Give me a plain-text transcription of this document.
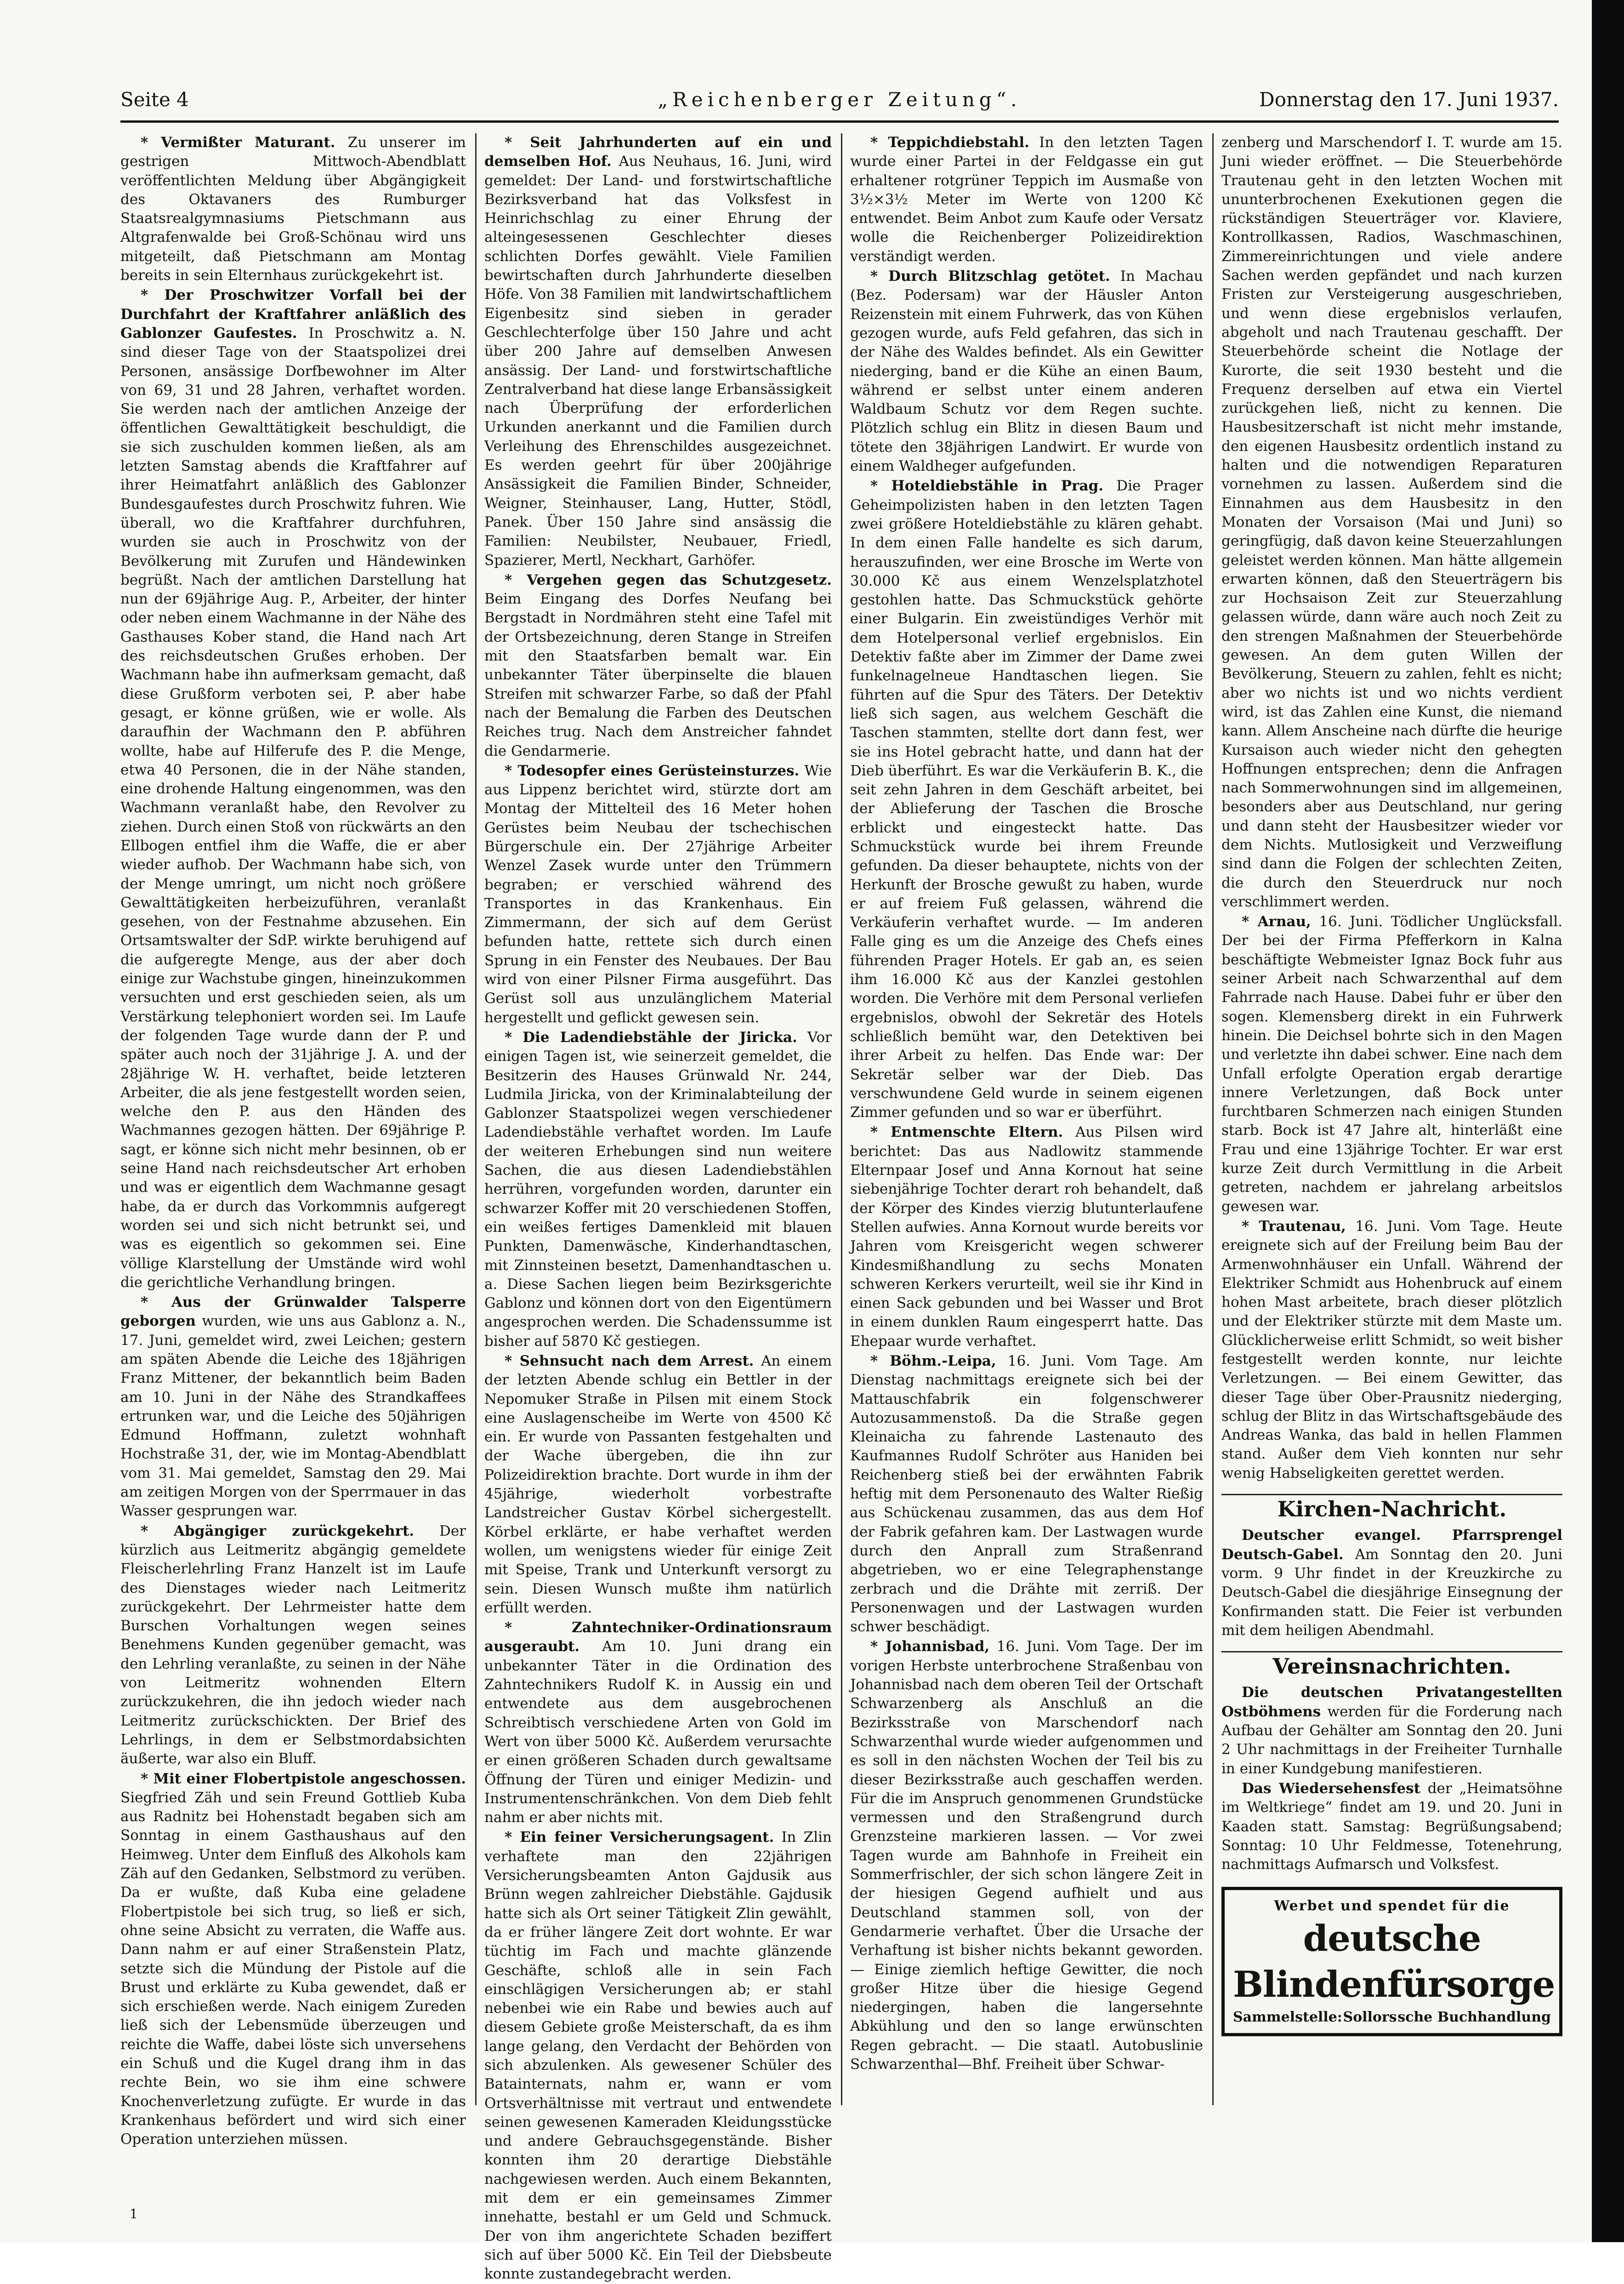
Seite 4	„Reichenberger Zeitung“.	Donnerstag den 17. Juni 1937.

* Vermißter Maturant. Zu unserer im gestrigen Mittwoch-Abendblatt veröffentlichten Meldung über Abgängigkeit des Oktavaners des Rumburger Staatsrealgymnasiums Pietschmann aus Altgrafenwalde bei Groß-Schönau wird uns mitgeteilt, daß Pietschmann am Montag bereits in sein Elternhaus zurückgekehrt ist.

* Der Proschwitzer Vorfall bei der Durchfahrt der Kraftfahrer anläßlich des Gablonzer Gaufestes. In Proschwitz a. N. sind dieser Tage von der Staatspolizei drei Personen, ansässige Dorfbewohner im Alter von 69, 31 und 28 Jahren, verhaftet worden. Sie werden nach der amtlichen Anzeige der öffentlichen Gewalttätigkeit beschuldigt, die sie sich zuschulden kommen ließen, als am letzten Samstag abends die Kraftfahrer auf ihrer Heimatfahrt anläßlich des Gablonzer Bundesgaufestes durch Proschwitz fuhren. Wie überall, wo die Kraftfahrer durchfuhren, wurden sie auch in Proschwitz von der Bevölkerung mit Zurufen und Händewinken begrüßt. Nach der amtlichen Darstellung hat nun der 69jährige Aug. P., Arbeiter, der hinter oder neben einem Wachmanne in der Nähe des Gasthauses Kober stand, die Hand nach Art des reichsdeutschen Grußes erhoben. Der Wachmann habe ihn aufmerksam gemacht, daß diese Grußform verboten sei, P. aber habe gesagt, er könne grüßen, wie er wolle. Als daraufhin der Wachmann den P. abführen wollte, habe auf Hilferufe des P. die Menge, etwa 40 Personen, die in der Nähe standen, eine drohende Haltung eingenommen, was den Wachmann veranlaßt habe, den Revolver zu ziehen. Durch einen Stoß von rückwärts an den Ellbogen entfiel ihm die Waffe, die er aber wieder aufhob. Der Wachmann habe sich, von der Menge umringt, um nicht noch größere Gewalttätigkeiten herbeizuführen, veranlaßt gesehen, von der Festnahme abzusehen. Ein Ortsamtswalter der SdP. wirkte beruhigend auf die aufgeregte Menge, aus der aber doch einige zur Wachstube gingen, hineinzukommen versuchten und erst geschieden seien, als um Verstärkung telephoniert worden sei. Im Laufe der folgenden Tage wurde dann der P. und später auch noch der 31jährige J. A. und der 28jährige W. H. verhaftet, beide letzteren Arbeiter, die als jene festgestellt worden seien, welche den P. aus den Händen des Wachmannes gezogen hätten. Der 69jährige P. sagt, er könne sich nicht mehr besinnen, ob er seine Hand nach reichsdeutscher Art erhoben und was er eigentlich dem Wachmanne gesagt habe, da er durch das Vorkommnis aufgeregt worden sei und sich nicht betrunkt sei, und was es eigentlich so gekommen sei. Eine völlige Klarstellung der Umstände wird wohl die gerichtliche Verhandlung bringen.

* Aus der Grünwalder Talsperre geborgen wurden, wie uns aus Gablonz a. N., 17. Juni, gemeldet wird, zwei Leichen; gestern am späten Abende die Leiche des 18jährigen Franz Mittener, der bekanntlich beim Baden am 10. Juni in der Nähe des Strandkaffees ertrunken war, und die Leiche des 50jährigen Edmund Hoffmann, zuletzt wohnhaft Hochstraße 31, der, wie im Montag-Abendblatt vom 31. Mai gemeldet, Samstag den 29. Mai am zeitigen Morgen von der Sperrmauer in das Wasser gesprungen war.

* Abgängiger zurückgekehrt. Der kürzlich aus Leitmeritz abgängig gemeldete Fleischerlehrling Franz Hanzelt ist im Laufe des Dienstages wieder nach Leitmeritz zurückgekehrt. Der Lehrmeister hatte dem Burschen Vorhaltungen wegen seines Benehmens Kunden gegenüber gemacht, was den Lehrling veranlaßte, zu seinen in der Nähe von Leitmeritz wohnenden Eltern zurückzukehren, die ihn jedoch wieder nach Leitmeritz zurückschickten. Der Brief des Lehrlings, in dem er Selbstmordabsichten äußerte, war also ein Bluff.

* Mit einer Flobertpistole angeschossen. Siegfried Zäh und sein Freund Gottlieb Kuba aus Radnitz bei Hohenstadt begaben sich am Sonntag in einem Gasthaushaus auf den Heimweg. Unter dem Einfluß des Alkohols kam Zäh auf den Gedanken, Selbstmord zu verüben. Da er wußte, daß Kuba eine geladene Flobertpistole bei sich trug, so ließ er sich, ohne seine Absicht zu verraten, die Waffe aus. Dann nahm er auf einer Straßenstein Platz, setzte sich die Mündung der Pistole auf die Brust und erklärte zu Kuba gewendet, daß er sich erschießen werde. Nach einigem Zureden ließ sich der Lebensmüde überzeugen und reichte die Waffe, dabei löste sich unversehens ein Schuß und die Kugel drang ihm in das rechte Bein, wo sie ihm eine schwere Knochenverletzung zufügte. Er wurde in das Krankenhaus befördert und wird sich einer Operation unterziehen müssen.

* Seit Jahrhunderten auf ein und demselben Hof. Aus Neuhaus, 16. Juni, wird gemeldet: Der Land- und forstwirtschaftliche Bezirksverband hat das Volksfest in Heinrichschlag zu einer Ehrung der alteingesessenen Geschlechter dieses schlichten Dorfes gewählt. Viele Familien bewirtschaften durch Jahrhunderte dieselben Höfe. Von 38 Familien mit landwirtschaftlichem Eigenbesitz sind sieben in gerader Geschlechterfolge über 150 Jahre und acht über 200 Jahre auf demselben Anwesen ansässig. Der Land- und forstwirtschaftliche Zentralverband hat diese lange Erbansässigkeit nach Überprüfung der erforderlichen Urkunden anerkannt und die Familien durch Verleihung des Ehrenschildes ausgezeichnet. Es werden geehrt für über 200jährige Ansässigkeit die Familien Binder, Schneider, Weigner, Steinhauser, Lang, Hutter, Stödl, Panek. Über 150 Jahre sind ansässig die Familien: Neubilster, Neubauer, Friedl, Spazierer, Mertl, Neckhart, Garhöfer.

* Vergehen gegen das Schutzgesetz. Beim Eingang des Dorfes Neufang bei Bergstadt in Nordmähren steht eine Tafel mit der Ortsbezeichnung, deren Stange in Streifen mit den Staatsfarben bemalt war. Ein unbekannter Täter überpinselte die blauen Streifen mit schwarzer Farbe, so daß der Pfahl nach der Bemalung die Farben des Deutschen Reiches trug. Nach dem Anstreicher fahndet die Gendarmerie.

* Todesopfer eines Gerüsteinsturzes. Wie aus Lippenz berichtet wird, stürzte dort am Montag der Mittelteil des 16 Meter hohen Gerüstes beim Neubau der tschechischen Bürgerschule ein. Der 27jährige Arbeiter Wenzel Zasek wurde unter den Trümmern begraben; er verschied während des Transportes in das Krankenhaus. Ein Zimmermann, der sich auf dem Gerüst befunden hatte, rettete sich durch einen Sprung in ein Fenster des Neubaues. Der Bau wird von einer Pilsner Firma ausgeführt. Das Gerüst soll aus unzulänglichem Material hergestellt und geflickt gewesen sein.

* Die Ladendiebstähle der Jiricka. Vor einigen Tagen ist, wie seinerzeit gemeldet, die Besitzerin des Hauses Grünwald Nr. 244, Ludmila Jiricka, von der Kriminalabteilung der Gablonzer Staatspolizei wegen verschiedener Ladendiebstähle verhaftet worden. Im Laufe der weiteren Erhebungen sind nun weitere Sachen, die aus diesen Ladendiebstählen herrühren, vorgefunden worden, darunter ein schwarzer Koffer mit 20 verschiedenen Stoffen, ein weißes fertiges Damenkleid mit blauen Punkten, Damenwäsche, Kinderhandtaschen, mit Zinnsteinen besetzt, Damenhandtaschen u. a. Diese Sachen liegen beim Bezirksgerichte Gablonz und können dort von den Eigentümern angesprochen werden. Die Schadenssumme ist bisher auf 5870 Kč gestiegen.

* Sehnsucht nach dem Arrest. An einem der letzten Abende schlug ein Bettler in der Nepomuker Straße in Pilsen mit einem Stock eine Auslagenscheibe im Werte von 4500 Kč ein. Er wurde von Passanten festgehalten und der Wache übergeben, die ihn zur Polizeidirektion brachte. Dort wurde in ihm der 45jährige, wiederholt vorbestrafte Landstreicher Gustav Körbel sichergestellt. Körbel erklärte, er habe verhaftet werden wollen, um wenigstens wieder für einige Zeit mit Speise, Trank und Unterkunft versorgt zu sein. Diesen Wunsch mußte ihm natürlich erfüllt werden.

* Zahntechniker-Ordinationsraum ausgeraubt. Am 10. Juni drang ein unbekannter Täter in die Ordination des Zahntechnikers Rudolf K. in Aussig ein und entwendete aus dem ausgebrochenen Schreibtisch verschiedene Arten von Gold im Wert von über 5000 Kč. Außerdem verursachte er einen größeren Schaden durch gewaltsame Öffnung der Türen und einiger Medizin- und Instrumentenschränkchen. Von dem Dieb fehlt nahm er aber nichts mit.

* Ein feiner Versicherungsagent. In Zlin verhaftete man den 22jährigen Versicherungsbeamten Anton Gajdusik aus Brünn wegen zahlreicher Diebstähle. Gajdusik hatte sich als Ort seiner Tätigkeit Zlin gewählt, da er früher längere Zeit dort wohnte. Er war tüchtig im Fach und machte glänzende Geschäfte, schloß alle in sein Fach einschlägigen Versicherungen ab; er stahl nebenbei wie ein Rabe und bewies auch auf diesem Gebiete große Meisterschaft, da es ihm lange gelang, den Verdacht der Behörden von sich abzulenken. Als gewesener Schüler des Batainternats, nahm er, wann er vom Ortsverhältnisse mit vertraut und entwendete seinen gewesenen Kameraden Kleidungsstücke und andere Gebrauchsgegenstände. Bisher konnten ihm 20 derartige Diebstähle nachgewiesen werden. Auch einem Bekannten, mit dem er ein gemeinsames Zimmer innehatte, bestahl er um Geld und Schmuck. Der von ihm angerichtete Schaden beziffert sich auf über 5000 Kč. Ein Teil der Diebsbeute konnte zustandegebracht werden.

* Teppichdiebstahl. In den letzten Tagen wurde einer Partei in der Feldgasse ein gut erhaltener rotgrüner Teppich im Ausmaße von 3½×3½ Meter im Werte von 1200 Kč entwendet. Beim Anbot zum Kaufe oder Versatz wolle die Reichenberger Polizeidirektion verständigt werden.

* Durch Blitzschlag getötet. In Machau (Bez. Podersam) war der Häusler Anton Reizenstein mit einem Fuhrwerk, das von Kühen gezogen wurde, aufs Feld gefahren, das sich in der Nähe des Waldes befindet. Als ein Gewitter niederging, band er die Kühe an einen Baum, während er selbst unter einem anderen Waldbaum Schutz vor dem Regen suchte. Plötzlich schlug ein Blitz in diesen Baum und tötete den 38jährigen Landwirt. Er wurde von einem Waldheger aufgefunden.

* Hoteldiebstähle in Prag. Die Prager Geheimpolizisten haben in den letzten Tagen zwei größere Hoteldiebstähle zu klären gehabt. In dem einen Falle handelte es sich darum, herauszufinden, wer eine Brosche im Werte von 30.000 Kč aus einem Wenzelsplatzhotel gestohlen hatte. Das Schmuckstück gehörte einer Bulgarin. Ein zweistündiges Verhör mit dem Hotelpersonal verlief ergebnislos. Ein Detektiv faßte aber im Zimmer der Dame zwei funkelnagelneue Handtaschen liegen. Sie führten auf die Spur des Täters. Der Detektiv ließ sich sagen, aus welchem Geschäft die Taschen stammten, stellte dort dann fest, wer sie ins Hotel gebracht hatte, und dann hat der Dieb überführt. Es war die Verkäuferin B. K., die seit zehn Jahren in dem Geschäft arbeitet, bei der Ablieferung der Taschen die Brosche erblickt und eingesteckt hatte. Das Schmuckstück wurde bei ihrem Freunde gefunden. Da dieser behauptete, nichts von der Herkunft der Brosche gewußt zu haben, wurde er auf freiem Fuß gelassen, während die Verkäuferin verhaftet wurde. — Im anderen Falle ging es um die Anzeige des Chefs eines führenden Prager Hotels. Er gab an, es seien ihm 16.000 Kč aus der Kanzlei gestohlen worden. Die Verhöre mit dem Personal verliefen ergebnislos, obwohl der Sekretär des Hotels schließlich bemüht war, den Detektiven bei ihrer Arbeit zu helfen. Das Ende war: Der Sekretär selber war der Dieb. Das verschwundene Geld wurde in seinem eigenen Zimmer gefunden und so war er überführt.

* Entmenschte Eltern. Aus Pilsen wird berichtet: Das aus Nadlowitz stammende Elternpaar Josef und Anna Kornout hat seine siebenjährige Tochter derart roh behandelt, daß der Körper des Kindes vierzig blutunterlaufene Stellen aufwies. Anna Kornout wurde bereits vor Jahren vom Kreisgericht wegen schwerer Kindesmißhandlung zu sechs Monaten schweren Kerkers verurteilt, weil sie ihr Kind in einen Sack gebunden und bei Wasser und Brot in einem dunklen Raum eingesperrt hatte. Das Ehepaar wurde verhaftet.

* Böhm.-Leipa, 16. Juni. Vom Tage. Am Dienstag nachmittags ereignete sich bei der Mattauschfabrik ein folgenschwerer Autozusammenstoß. Da die Straße gegen Kleinaicha zu fahrende Lastenauto des Kaufmannes Rudolf Schröter aus Haniden bei Reichenberg stieß bei der erwähnten Fabrik heftig mit dem Personenauto des Walter Rießig aus Schückenau zusammen, das aus dem Hof der Fabrik gefahren kam. Der Lastwagen wurde durch den Anprall zum Straßenrand abgetrieben, wo er eine Telegraphenstange zerbrach und die Drähte mit zerriß. Der Personenwagen und der Lastwagen wurden schwer beschädigt.

* Johannisbad, 16. Juni. Vom Tage. Der im vorigen Herbste unterbrochene Straßenbau von Johannisbad nach dem oberen Teil der Ortschaft Schwarzenberg als Anschluß an die Bezirksstraße von Marschendorf nach Schwarzenthal wurde wieder aufgenommen und es soll in den nächsten Wochen der Teil bis zu dieser Bezirksstraße auch geschaffen werden. Für die im Anspruch genommenen Grundstücke vermessen und den Straßengrund durch Grenzsteine markieren lassen. — Vor zwei Tagen wurde am Bahnhofe in Freiheit ein Sommerfrischler, der sich schon längere Zeit in der hiesigen Gegend aufhielt und aus Deutschland stammen soll, von der Gendarmerie verhaftet. Über die Ursache der Verhaftung ist bisher nichts bekannt geworden. — Einige ziemlich heftige Gewitter, die noch großer Hitze über die hiesige Gegend niedergingen, haben die langersehnte Abkühlung und den so lange erwünschten Regen gebracht. — Die staatl. Autobuslinie Schwarzenthal—Bhf. Freiheit über Schwar-

zenberg und Marschendorf I. T. wurde am 15. Juni wieder eröffnet. — Die Steuerbehörde Trautenau geht in den letzten Wochen mit ununterbrochenen Exekutionen gegen die rückständigen Steuerträger vor. Klaviere, Kontrollkassen, Radios, Waschmaschinen, Zimmereinrichtungen und viele andere Sachen werden gepfändet und nach kurzen Fristen zur Versteigerung ausgeschrieben, und wenn diese ergebnislos verlaufen, abgeholt und nach Trautenau geschafft. Der Steuerbehörde scheint die Notlage der Kurorte, die seit 1930 besteht und die Frequenz derselben auf etwa ein Viertel zurückgehen ließ, nicht zu kennen. Die Hausbesitzerschaft ist nicht mehr imstande, den eigenen Hausbesitz ordentlich instand zu halten und die notwendigen Reparaturen vornehmen zu lassen. Außerdem sind die Einnahmen aus dem Hausbesitz in den Monaten der Vorsaison (Mai und Juni) so geringfügig, daß davon keine Steuerzahlungen geleistet werden können. Man hätte allgemein erwarten können, daß den Steuerträgern bis zur Hochsaison Zeit zur Steuerzahlung gelassen würde, dann wäre auch noch Zeit zu den strengen Maßnahmen der Steuerbehörde gewesen. An dem guten Willen der Bevölkerung, Steuern zu zahlen, fehlt es nicht; aber wo nichts ist und wo nichts verdient wird, ist das Zahlen eine Kunst, die niemand kann. Allem Anscheine nach dürfte die heurige Kursaison auch wieder nicht den gehegten Hoffnungen entsprechen; denn die Anfragen nach Sommerwohnungen sind im allgemeinen, besonders aber aus Deutschland, nur gering und dann steht der Hausbesitzer wieder vor dem Nichts. Mutlosigkeit und Verzweiflung sind dann die Folgen der schlechten Zeiten, die durch den Steuerdruck nur noch verschlimmert werden.

* Arnau, 16. Juni. Tödlicher Unglücksfall. Der bei der Firma Pfefferkorn in Kalna beschäftigte Webmeister Ignaz Bock fuhr aus seiner Arbeit nach Schwarzenthal auf dem Fahrrade nach Hause. Dabei fuhr er über den sogen. Klemensberg direkt in ein Fuhrwerk hinein. Die Deichsel bohrte sich in den Magen und verletzte ihn dabei schwer. Eine nach dem Unfall erfolgte Operation ergab derartige innere Verletzungen, daß Bock unter furchtbaren Schmerzen nach einigen Stunden starb. Bock ist 47 Jahre alt, hinterläßt eine Frau und eine 13jährige Tochter. Er war erst kurze Zeit durch Vermittlung in die Arbeit getreten, nachdem er jahrelang arbeitslos gewesen war.

* Trautenau, 16. Juni. Vom Tage. Heute ereignete sich auf der Freilung beim Bau der Armenwohnhäuser ein Unfall. Während der Elektriker Schmidt aus Hohenbruck auf einem hohen Mast arbeitete, brach dieser plötzlich und der Elektriker stürzte mit dem Maste um. Glücklicherweise erlitt Schmidt, so weit bisher festgestellt werden konnte, nur leichte Verletzungen. — Bei einem Gewitter, das dieser Tage über Ober-Prausnitz niederging, schlug der Blitz in das Wirtschaftsgebäude des Andreas Wanka, das bald in hellen Flammen stand. Außer dem Vieh konnten nur sehr wenig Habseligkeiten gerettet werden.

Kirchen-Nachricht.

Deutscher evangel. Pfarrsprengel Deutsch-Gabel. Am Sonntag den 20. Juni vorm. 9 Uhr findet in der Kreuzkirche zu Deutsch-Gabel die diesjährige Einsegnung der Konfirmanden statt. Die Feier ist verbunden mit dem heiligen Abendmahl.

Vereinsnachrichten.

Die deutschen Privatangestellten Ostböhmens werden für die Forderung nach Aufbau der Gehälter am Sonntag den 20. Juni 2 Uhr nachmittags in der Freiheiter Turnhalle in einer Kundgebung manifestieren.

Das Wiedersehensfest der „Heimatsöhne im Weltkriege“ findet am 19. und 20. Juni in Kaaden statt. Samstag: Begrüßungsabend; Sonntag: 10 Uhr Feldmesse, Totenehrung, nachmittags Aufmarsch und Volksfest.

Werbet und spendet für die
deutsche Blindenfürsorge
Sammelstelle: Sollors sche Buchhandlung
1
